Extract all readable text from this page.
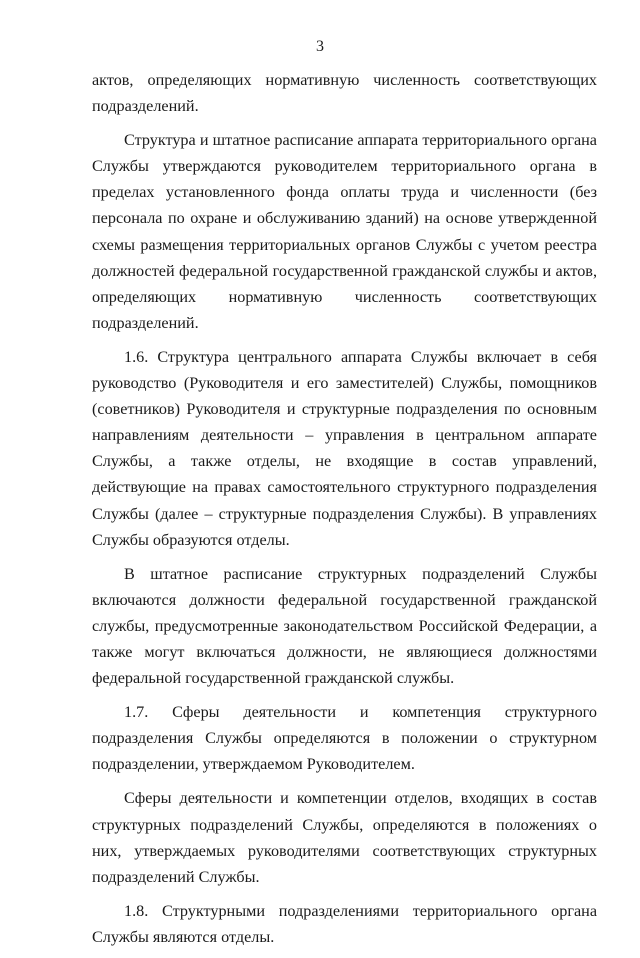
3

актов, определяющих нормативную численность соответствующих подразделений.

Структура и штатное расписание аппарата территориального органа Службы утверждаются руководителем территориального органа в пределах установленного фонда оплаты труда и численности (без персонала по охране и обслуживанию зданий) на основе утвержденной схемы размещения территориальных органов Службы с учетом реестра должностей федеральной государственной гражданской службы и актов, определяющих нормативную численность соответствующих подразделений.

1.6. Структура центрального аппарата Службы включает в себя руководство (Руководителя и его заместителей) Службы, помощников (советников) Руководителя и структурные подразделения по основным направлениям деятельности – управления в центральном аппарате Службы, а также отделы, не входящие в состав управлений, действующие на правах самостоятельного структурного подразделения Службы (далее – структурные подразделения Службы). В управлениях Службы образуются отделы.

В штатное расписание структурных подразделений Службы включаются должности федеральной государственной гражданской службы, предусмотренные законодательством Российской Федерации, а также могут включаться должности, не являющиеся должностями федеральной государственной гражданской службы.

1.7. Сферы деятельности и компетенция структурного подразделения Службы определяются в положении о структурном подразделении, утверждаемом Руководителем.

Сферы деятельности и компетенции отделов, входящих в состав структурных подразделений Службы, определяются в положениях о них, утверждаемых руководителями соответствующих структурных подразделений Службы.

1.8. Структурными подразделениями территориального органа Службы являются отделы.
